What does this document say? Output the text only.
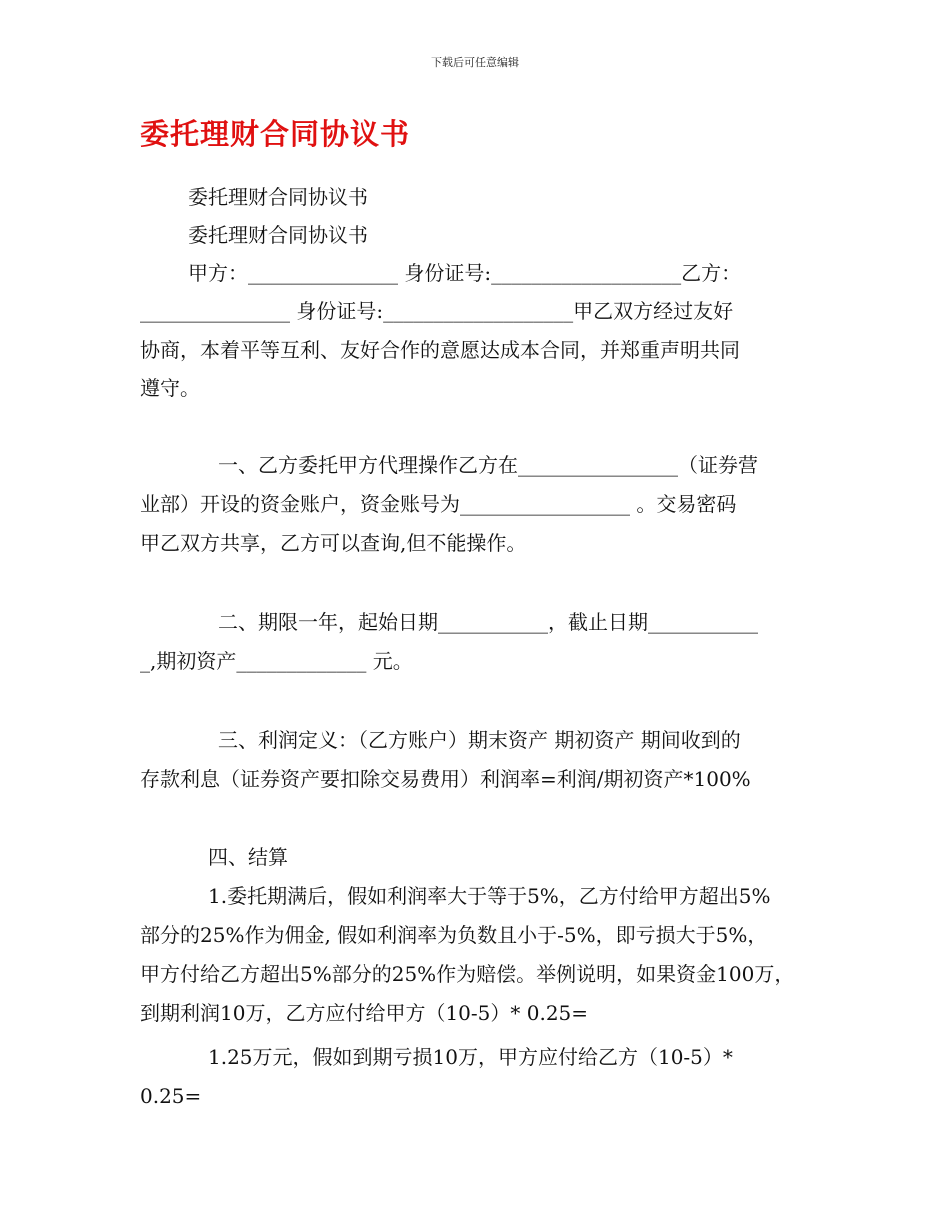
下载后可任意编辑
委托理财合同协议书
委托理财合同协议书
委托理财合同协议书
甲方：_______________ 身份证号:___________________乙方：
_______________ 身份证号:___________________甲乙双方经过友好
协商，本着平等互利、友好合作的意愿达成本合同，并郑重声明共同
遵守。
一、乙方委托甲方代理操作乙方在________________（证券营
业部）开设的资金账户，资金账号为_________________ 。交易密码
甲乙双方共享，乙方可以查询,但不能操作。
二、期限一年，起始日期___________，截止日期___________
_,期初资产_____________ 元。
三、利润定义：（乙方账户）期末资产 期初资产 期间收到的
存款利息（证券资产要扣除交易费用）利润率=利润/期初资产*100%
四、结算
1.委托期满后，假如利润率大于等于5%，乙方付给甲方超出5%
部分的25%作为佣金, 假如利润率为负数且小于-5%，即亏损大于5%，
甲方付给乙方超出5%部分的25%作为赔偿。举例说明，如果资金100万，
到期利润10万，乙方应付给甲方（10-5）* 0.25=
1.25万元，假如到期亏损10万，甲方应付给乙方（10-5）*
0.25=
